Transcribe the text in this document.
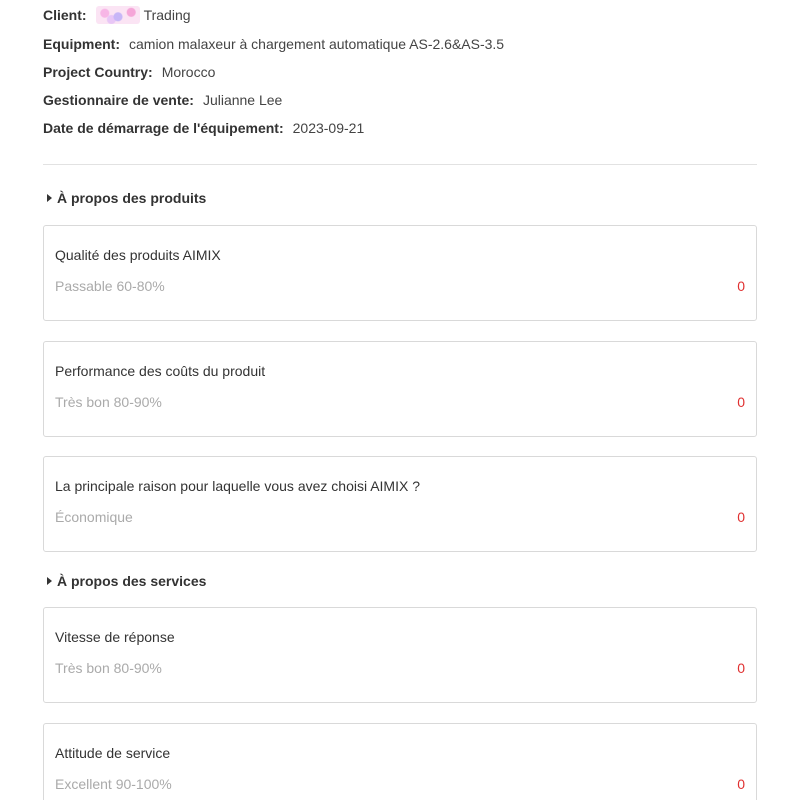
Client:	Trading
Equipment: camion malaxeur à chargement automatique AS-2.6&AS-3.5
Project Country: Morocco
Gestionnaire de vente: Julianne Lee
Date de démarrage de l'équipement: 2023-09-21
À propos des produits
Qualité des produits AIMIX
Passable 60-80%	0
Performance des coûts du produit
Très bon 80-90%	0
La principale raison pour laquelle vous avez choisi AIMIX ?
Économique	0
À propos des services
Vitesse de réponse
Très bon 80-90%	0
Attitude de service
Excellent 90-100%	0
